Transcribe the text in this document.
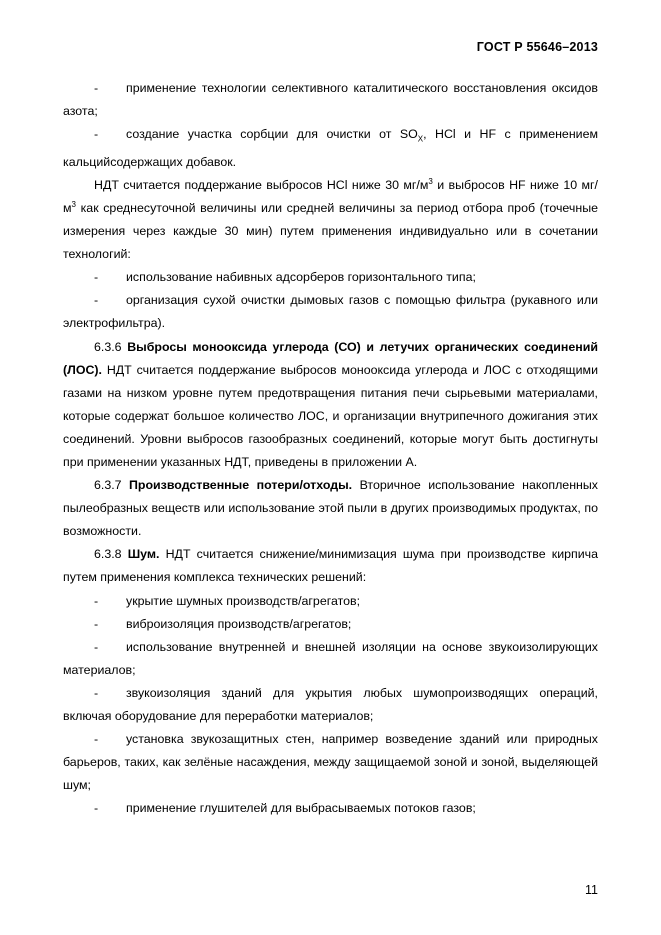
ГОСТ Р 55646–2013
- применение технологии селективного каталитического восстановления оксидов азота;
- создание участка сорбции для очистки от $SO_X$, HCl и HF с применением кальцийсодержащих добавок.
НДТ считается поддержание выбросов HCl ниже 30 $мг/м^3$ и выбросов HF ниже 10 $мг/м^3$ как среднесуточной величины или средней величины за период отбора проб (точечные измерения через каждые 30 мин) путем применения индивидуально или в сочетании технологий:
- использование набивных адсорберов горизонтального типа;
- организация сухой очистки дымовых газов с помощью фильтра (рукавного или электрофильтра).
6.3.6 Выбросы монооксида углерода (СО) и летучих органических соединений (ЛОС). НДТ считается поддержание выбросов монооксида углерода и ЛОС с отходящими газами на низком уровне путем предотвращения питания печи сырьевыми материалами, которые содержат большое количество ЛОС, и организации внутрипечного дожигания этих соединений. Уровни выбросов газообразных соединений, которые могут быть достигнуты при применении указанных НДТ, приведены в приложении А.
6.3.7 Производственные потери/отходы. Вторичное использование накопленных пылеобразных веществ или использование этой пыли в других производимых продуктах, по возможности.
6.3.8 Шум. НДТ считается снижение/минимизация шума при производстве кирпича путем применения комплекса технических решений:
- укрытие шумных производств/агрегатов;
- виброизоляция производств/агрегатов;
- использование внутренней и внешней изоляции на основе звукоизолирующих материалов;
- звукоизоляция зданий для укрытия любых шумопроизводящих операций, включая оборудование для переработки материалов;
- установка звукозащитных стен, например возведение зданий или природных барьеров, таких, как зелёные насаждения, между защищаемой зоной и зоной, выделяющей шум;
- применение глушителей для выбрасываемых потоков газов;
11
